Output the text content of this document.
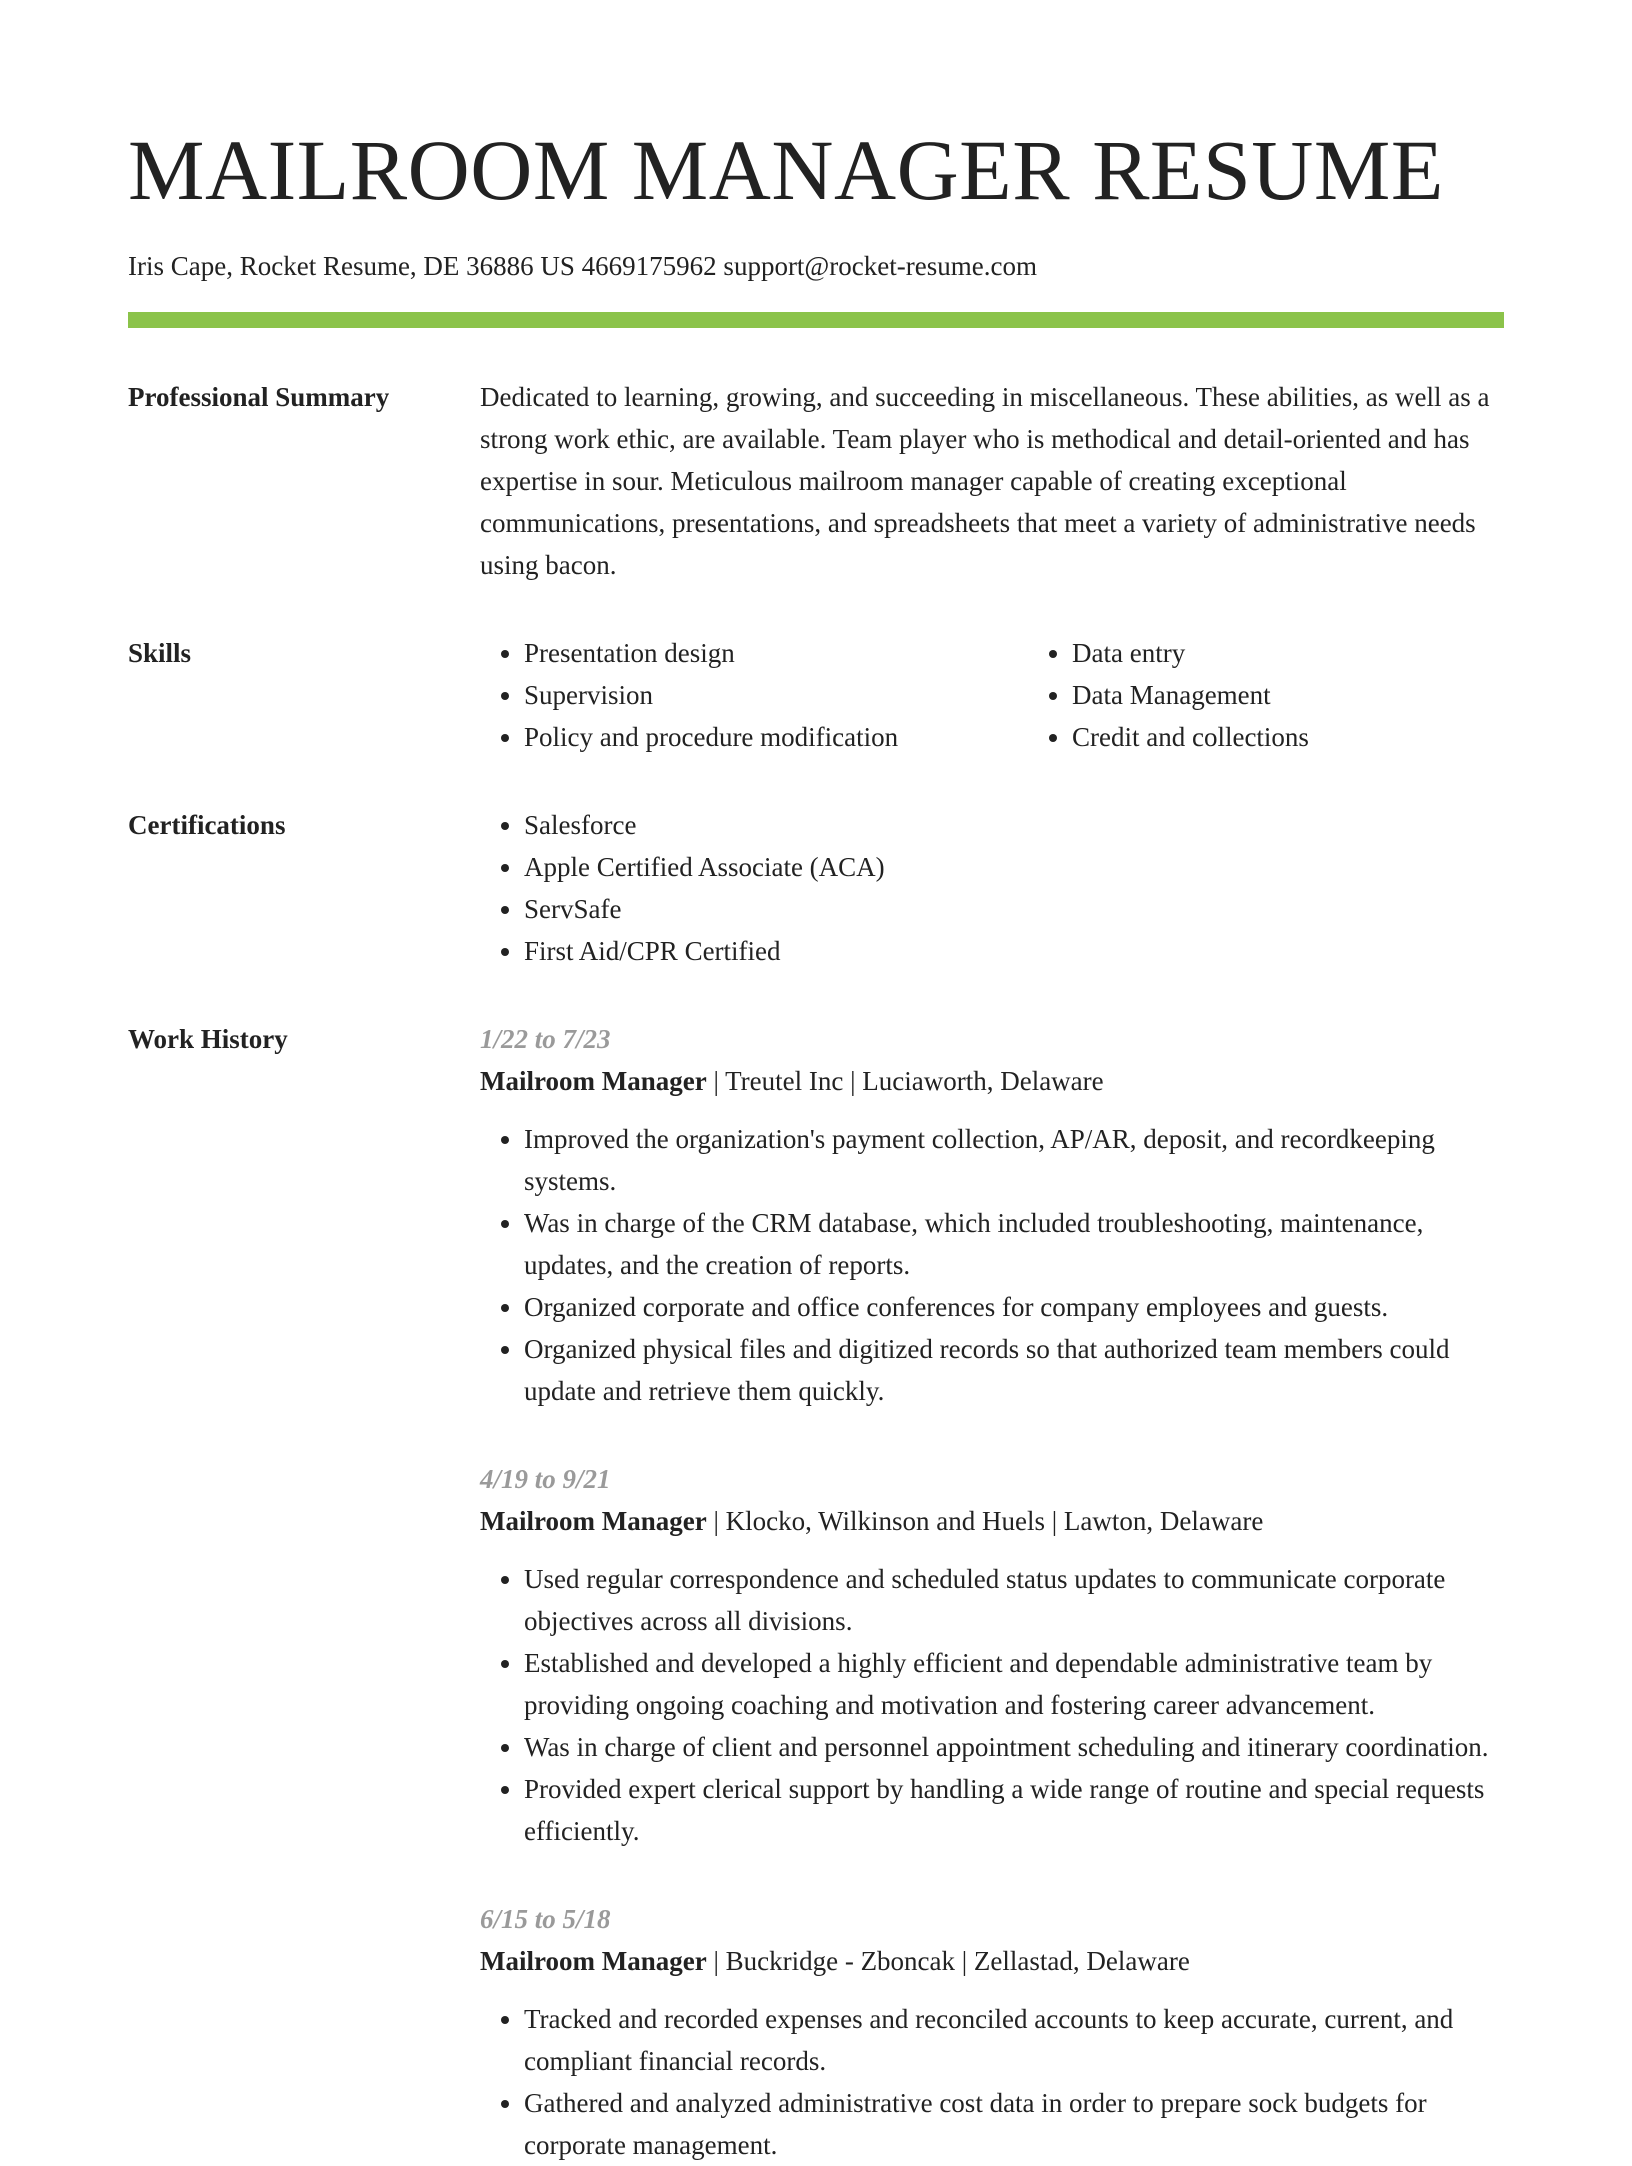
MAILROOM MANAGER RESUME
Iris Cape, Rocket Resume, DE 36886 US 4669175962 support@rocket-resume.com
Professional Summary	Dedicated to learning, growing, and succeeding in miscellaneous. These abilities, as well as a strong work ethic, are available. Team player who is methodical and detail-oriented and has expertise in sour. Meticulous mailroom manager capable of creating exceptional communications, presentations, and spreadsheets that meet a variety of administrative needs using bacon.

Skills	• Presentation design
• Supervision
• Policy and procedure modification
• Data entry
• Data Management
• Credit and collections
Certifications	• Salesforce
• Apple Certified Associate (ACA)
• ServSafe
• First Aid/CPR Certified
Work History	1/22 to 7/23
Mailroom Manager | Treutel Inc | Luciaworth, Delaware
• Improved the organization's payment collection, AP/AR, deposit, and recordkeeping systems.
• Was in charge of the CRM database, which included troubleshooting, maintenance, updates, and the creation of reports.
• Organized corporate and office conferences for company employees and guests.
• Organized physical files and digitized records so that authorized team members could update and retrieve them quickly.
4/19 to 9/21
Mailroom Manager | Klocko, Wilkinson and Huels | Lawton, Delaware
• Used regular correspondence and scheduled status updates to communicate corporate objectives across all divisions.
• Established and developed a highly efficient and dependable administrative team by providing ongoing coaching and motivation and fostering career advancement.
• Was in charge of client and personnel appointment scheduling and itinerary coordination.
• Provided expert clerical support by handling a wide range of routine and special requests efficiently.
6/15 to 5/18
Mailroom Manager | Buckridge - Zboncak | Zellastad, Delaware
• Tracked and recorded expenses and reconciled accounts to keep accurate, current, and compliant financial records.
• Gathered and analyzed administrative cost data in order to prepare sock budgets for corporate management.
